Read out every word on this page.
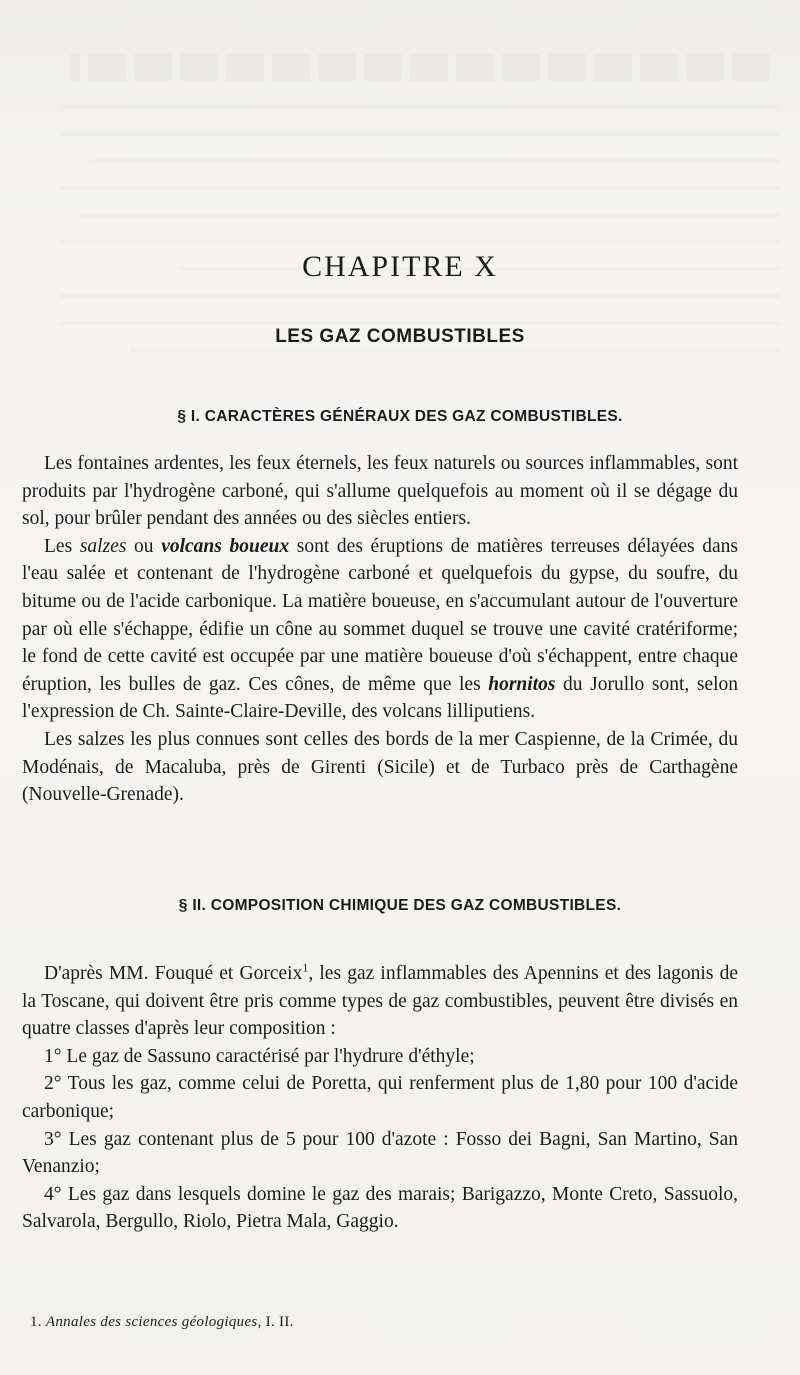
CHAPITRE X
LES GAZ COMBUSTIBLES
§ I. CARACTÈRES GÉNÉRAUX DES GAZ COMBUSTIBLES.

Les fontaines ardentes, les feux éternels, les feux naturels ou sources inflammables, sont produits par l'hydrogène carboné, qui s'allume quelquefois au moment où il se dégage du sol, pour brûler pendant des années ou des siècles entiers.

Les salzes ou volcans boueux sont des éruptions de matières terreuses délayées dans l'eau salée et contenant de l'hydrogène carboné et quelquefois du gypse, du soufre, du bitume ou de l'acide carbonique. La matière boueuse, en s'accumulant autour de l'ouverture par où elle s'échappe, édifie un cône au sommet duquel se trouve une cavité cratériforme; le fond de cette cavité est occupée par une matière boueuse d'où s'échappent, entre chaque éruption, les bulles de gaz. Ces cônes, de même que les hornitos du Jorullo sont, selon l'expression de Ch. Sainte-Claire-Deville, des volcans lilliputiens.

Les salzes les plus connues sont celles des bords de la mer Caspienne, de la Crimée, du Modénais, de Macaluba, près de Girenti (Sicile) et de Turbaco près de Carthagène (Nouvelle-Grenade).

§ II. COMPOSITION CHIMIQUE DES GAZ COMBUSTIBLES.

D'après MM. Fouqué et Gorceix$^1$, les gaz inflammables des Apennins et des lagonis de la Toscane, qui doivent être pris comme types de gaz combustibles, peuvent être divisés en quatre classes d'après leur composition :

1° Le gaz de Sassuno caractérisé par l'hydrure d'éthyle;

2° Tous les gaz, comme celui de Poretta, qui renferment plus de 1,80 pour 100 d'acide carbonique;

3° Les gaz contenant plus de 5 pour 100 d'azote : Fosso dei Bagni, San Martino, San Venanzio;

4° Les gaz dans lesquels domine le gaz des marais; Barigazzo, Monte Creto, Sassuolo, Salvarola, Bergullo, Riolo, Pietra Mala, Gaggio.

1. Annales des sciences géologiques, I. II.
